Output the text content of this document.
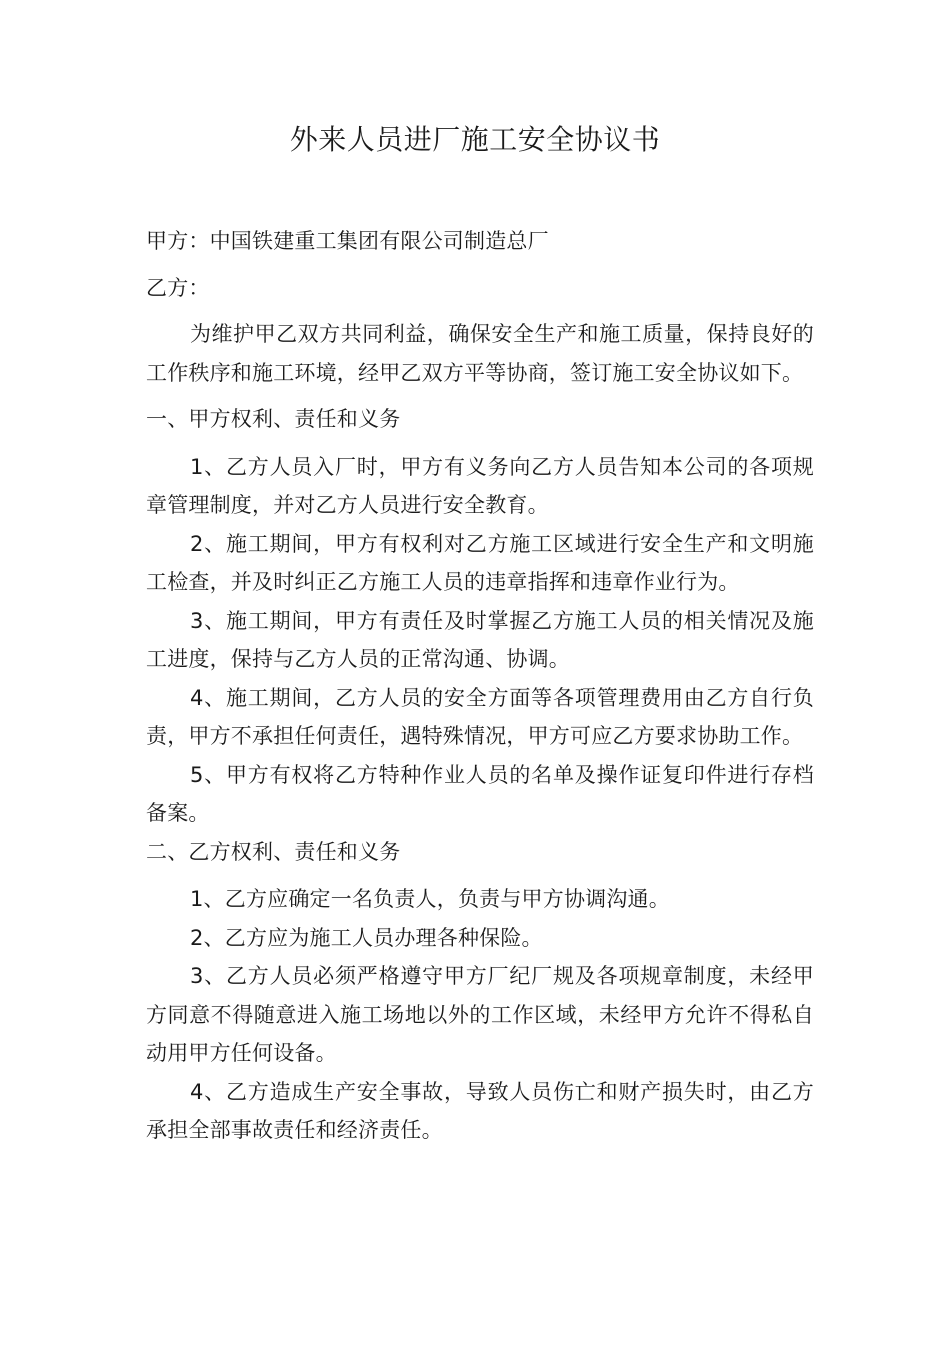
外来人员进厂施工安全协议书

甲方：中国铁建重工集团有限公司制造总厂

乙方：

为维护甲乙双方共同利益，确保安全生产和施工质量，保持良好的工作秩序和施工环境，经甲乙双方平等协商，签订施工安全协议如下。

一、甲方权利、责任和义务

1、乙方人员入厂时，甲方有义务向乙方人员告知本公司的各项规章管理制度，并对乙方人员进行安全教育。

2、施工期间，甲方有权利对乙方施工区域进行安全生产和文明施工检查，并及时纠正乙方施工人员的违章指挥和违章作业行为。

3、施工期间，甲方有责任及时掌握乙方施工人员的相关情况及施工进度，保持与乙方人员的正常沟通、协调。

4、施工期间，乙方人员的安全方面等各项管理费用由乙方自行负责，甲方不承担任何责任，遇特殊情况，甲方可应乙方要求协助工作。

5、甲方有权将乙方特种作业人员的名单及操作证复印件进行存档备案。

二、乙方权利、责任和义务

1、乙方应确定一名负责人，负责与甲方协调沟通。

2、乙方应为施工人员办理各种保险。

3、乙方人员必须严格遵守甲方厂纪厂规及各项规章制度，未经甲方同意不得随意进入施工场地以外的工作区域，未经甲方允许不得私自动用甲方任何设备。

4、乙方造成生产安全事故，导致人员伤亡和财产损失时，由乙方承担全部事故责任和经济责任。
